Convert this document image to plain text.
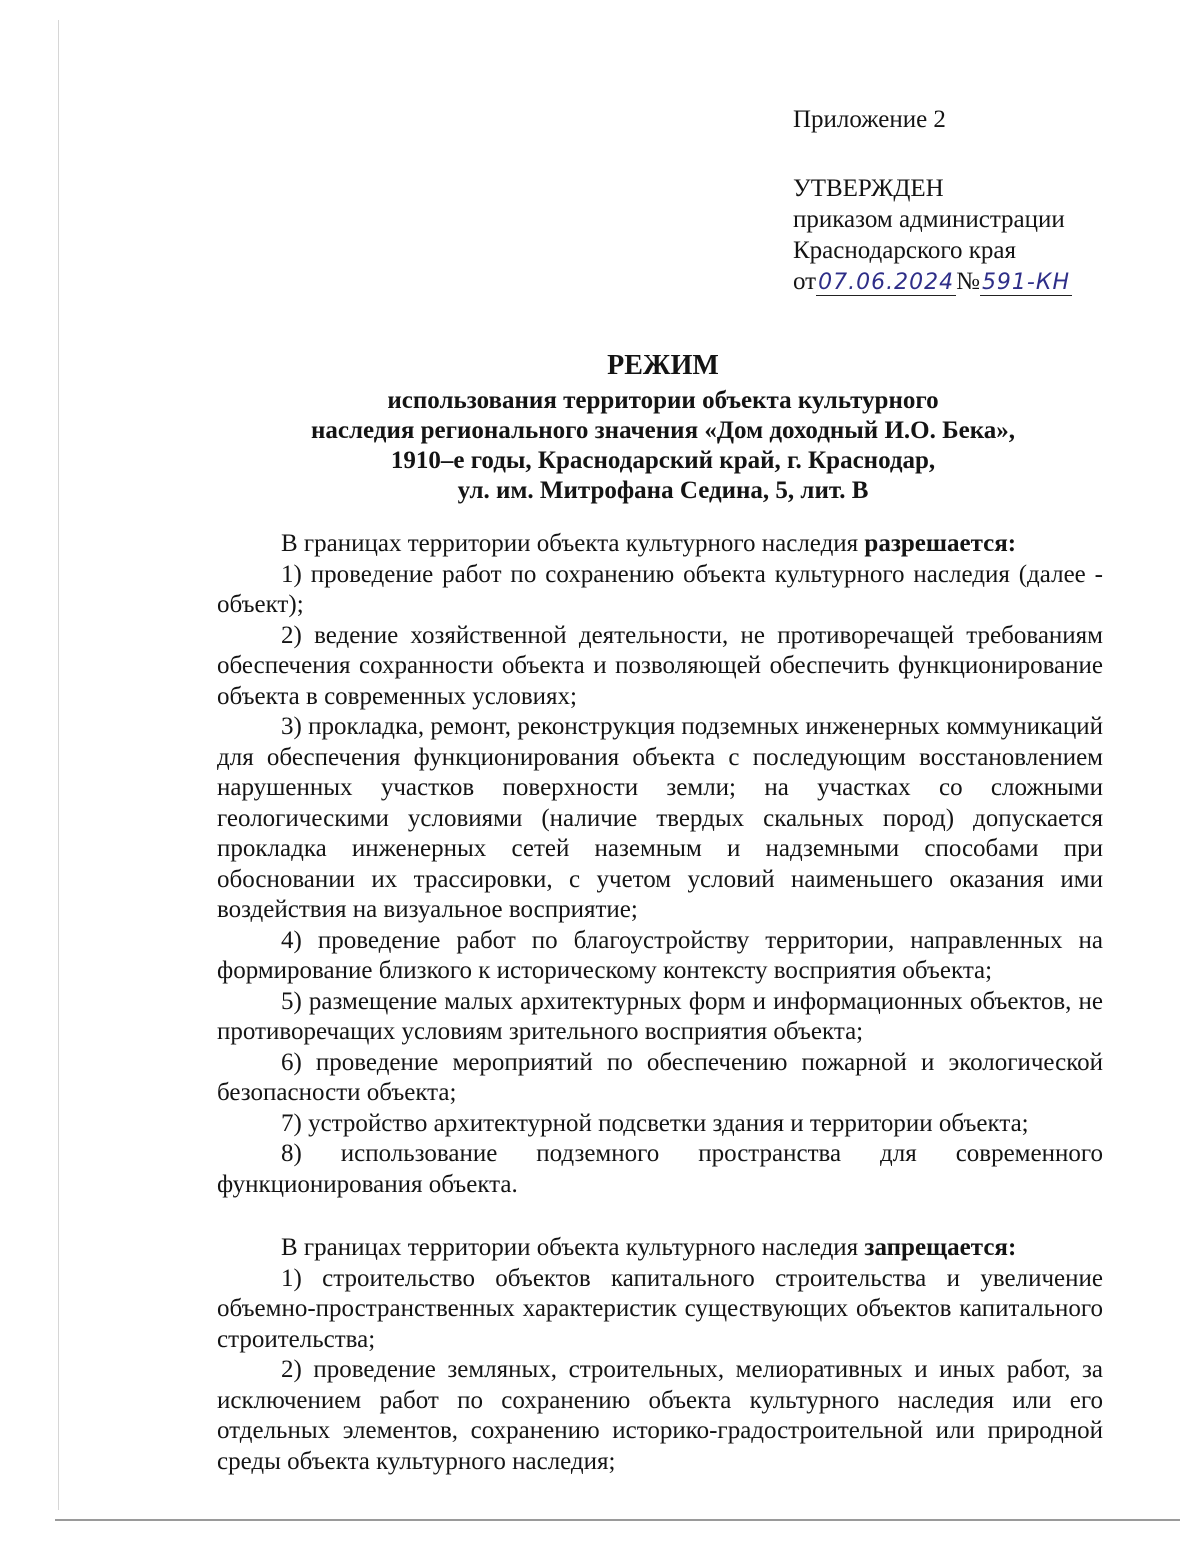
Приложение 2
УТВЕРЖДЕН
приказом администрации
Краснодарского края
от07.06.2024№591-КН
РЕЖИМ
использования территории объекта культурного
наследия регионального значения «Дом доходный И.О. Бека»,
1910–е годы, Краснодарский край, г. Краснодар,
ул. им. Митрофана Седина, 5, лит. В

В границах территории объекта культурного наследия разрешается:

1) проведение работ по сохранению объекта культурного наследия (далее - объект);

2) ведение хозяйственной деятельности, не противоречащей требованиям обеспечения сохранности объекта и позволяющей обеспечить функционирование объекта в современных условиях;

3) прокладка, ремонт, реконструкция подземных инженерных коммуникаций для обеспечения функционирования объекта с последующим восстановлением нарушенных участков поверхности земли; на участках со сложными геологическими условиями (наличие твердых скальных пород) допускается прокладка инженерных сетей наземным и надземными способами при обосновании их трассировки, с учетом условий наименьшего оказания ими воздействия на визуальное восприятие;

4) проведение работ по благоустройству территории, направленных на формирование близкого к историческому контексту восприятия объекта;

5) размещение малых архитектурных форм и информационных объектов, не противоречащих условиям зрительного восприятия объекта;

6) проведение мероприятий по обеспечению пожарной и экологической безопасности объекта;

7) устройство архитектурной подсветки здания и территории объекта;

8) использование подземного пространства для современного функционирования объекта.

В границах территории объекта культурного наследия запрещается:

1) строительство объектов капитального строительства и увеличение объемно-пространственных характеристик существующих объектов капитального строительства;

2) проведение земляных, строительных, мелиоративных и иных работ, за исключением работ по сохранению объекта культурного наследия или его отдельных элементов, сохранению историко-градостроительной или природной среды объекта культурного наследия;
